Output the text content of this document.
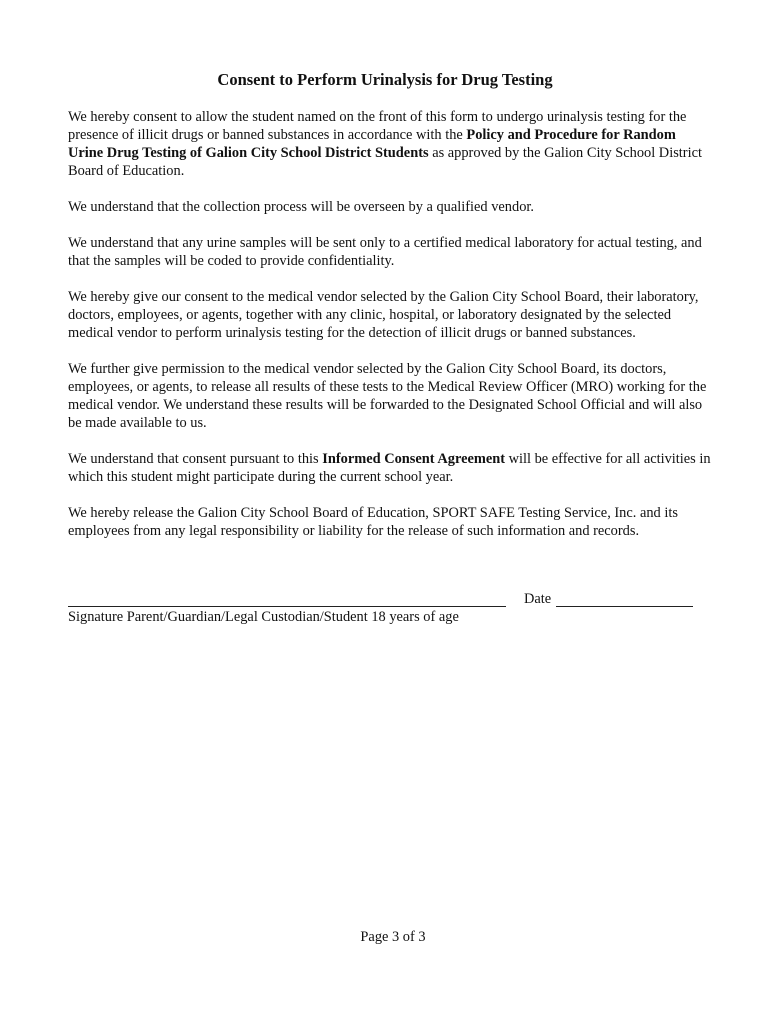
Consent to Perform Urinalysis for Drug Testing

We hereby consent to allow the student named on the front of this form to undergo urinalysis testing for the presence of illicit drugs or banned substances in accordance with the Policy and Procedure for Random Urine Drug Testing of Galion City School District Students as approved by the Galion City School District Board of Education.

We understand that the collection process will be overseen by a qualified vendor.

We understand that any urine samples will be sent only to a certified medical laboratory for actual testing, and that the samples will be coded to provide confidentiality.

We hereby give our consent to the medical vendor selected by the Galion City School Board, their laboratory, doctors, employees, or agents, together with any clinic, hospital, or laboratory designated by the selected medical vendor to perform urinalysis testing for the detection of illicit drugs or banned substances.

We further give permission to the medical vendor selected by the Galion City School Board, its doctors, employees, or agents, to release all results of these tests to the Medical Review Officer (MRO) working for the medical vendor. We understand these results will be forwarded to the Designated School Official and will also be made available to us.

We understand that consent pursuant to this Informed Consent Agreement will be effective for all activities in which this student might participate during the current school year.

We hereby release the Galion City School Board of Education, SPORT SAFE Testing Service, Inc. and its employees from any legal responsibility or liability for the release of such information and records.

Date
Signature Parent/Guardian/Legal Custodian/Student 18 years of age
Page 3 of 3
